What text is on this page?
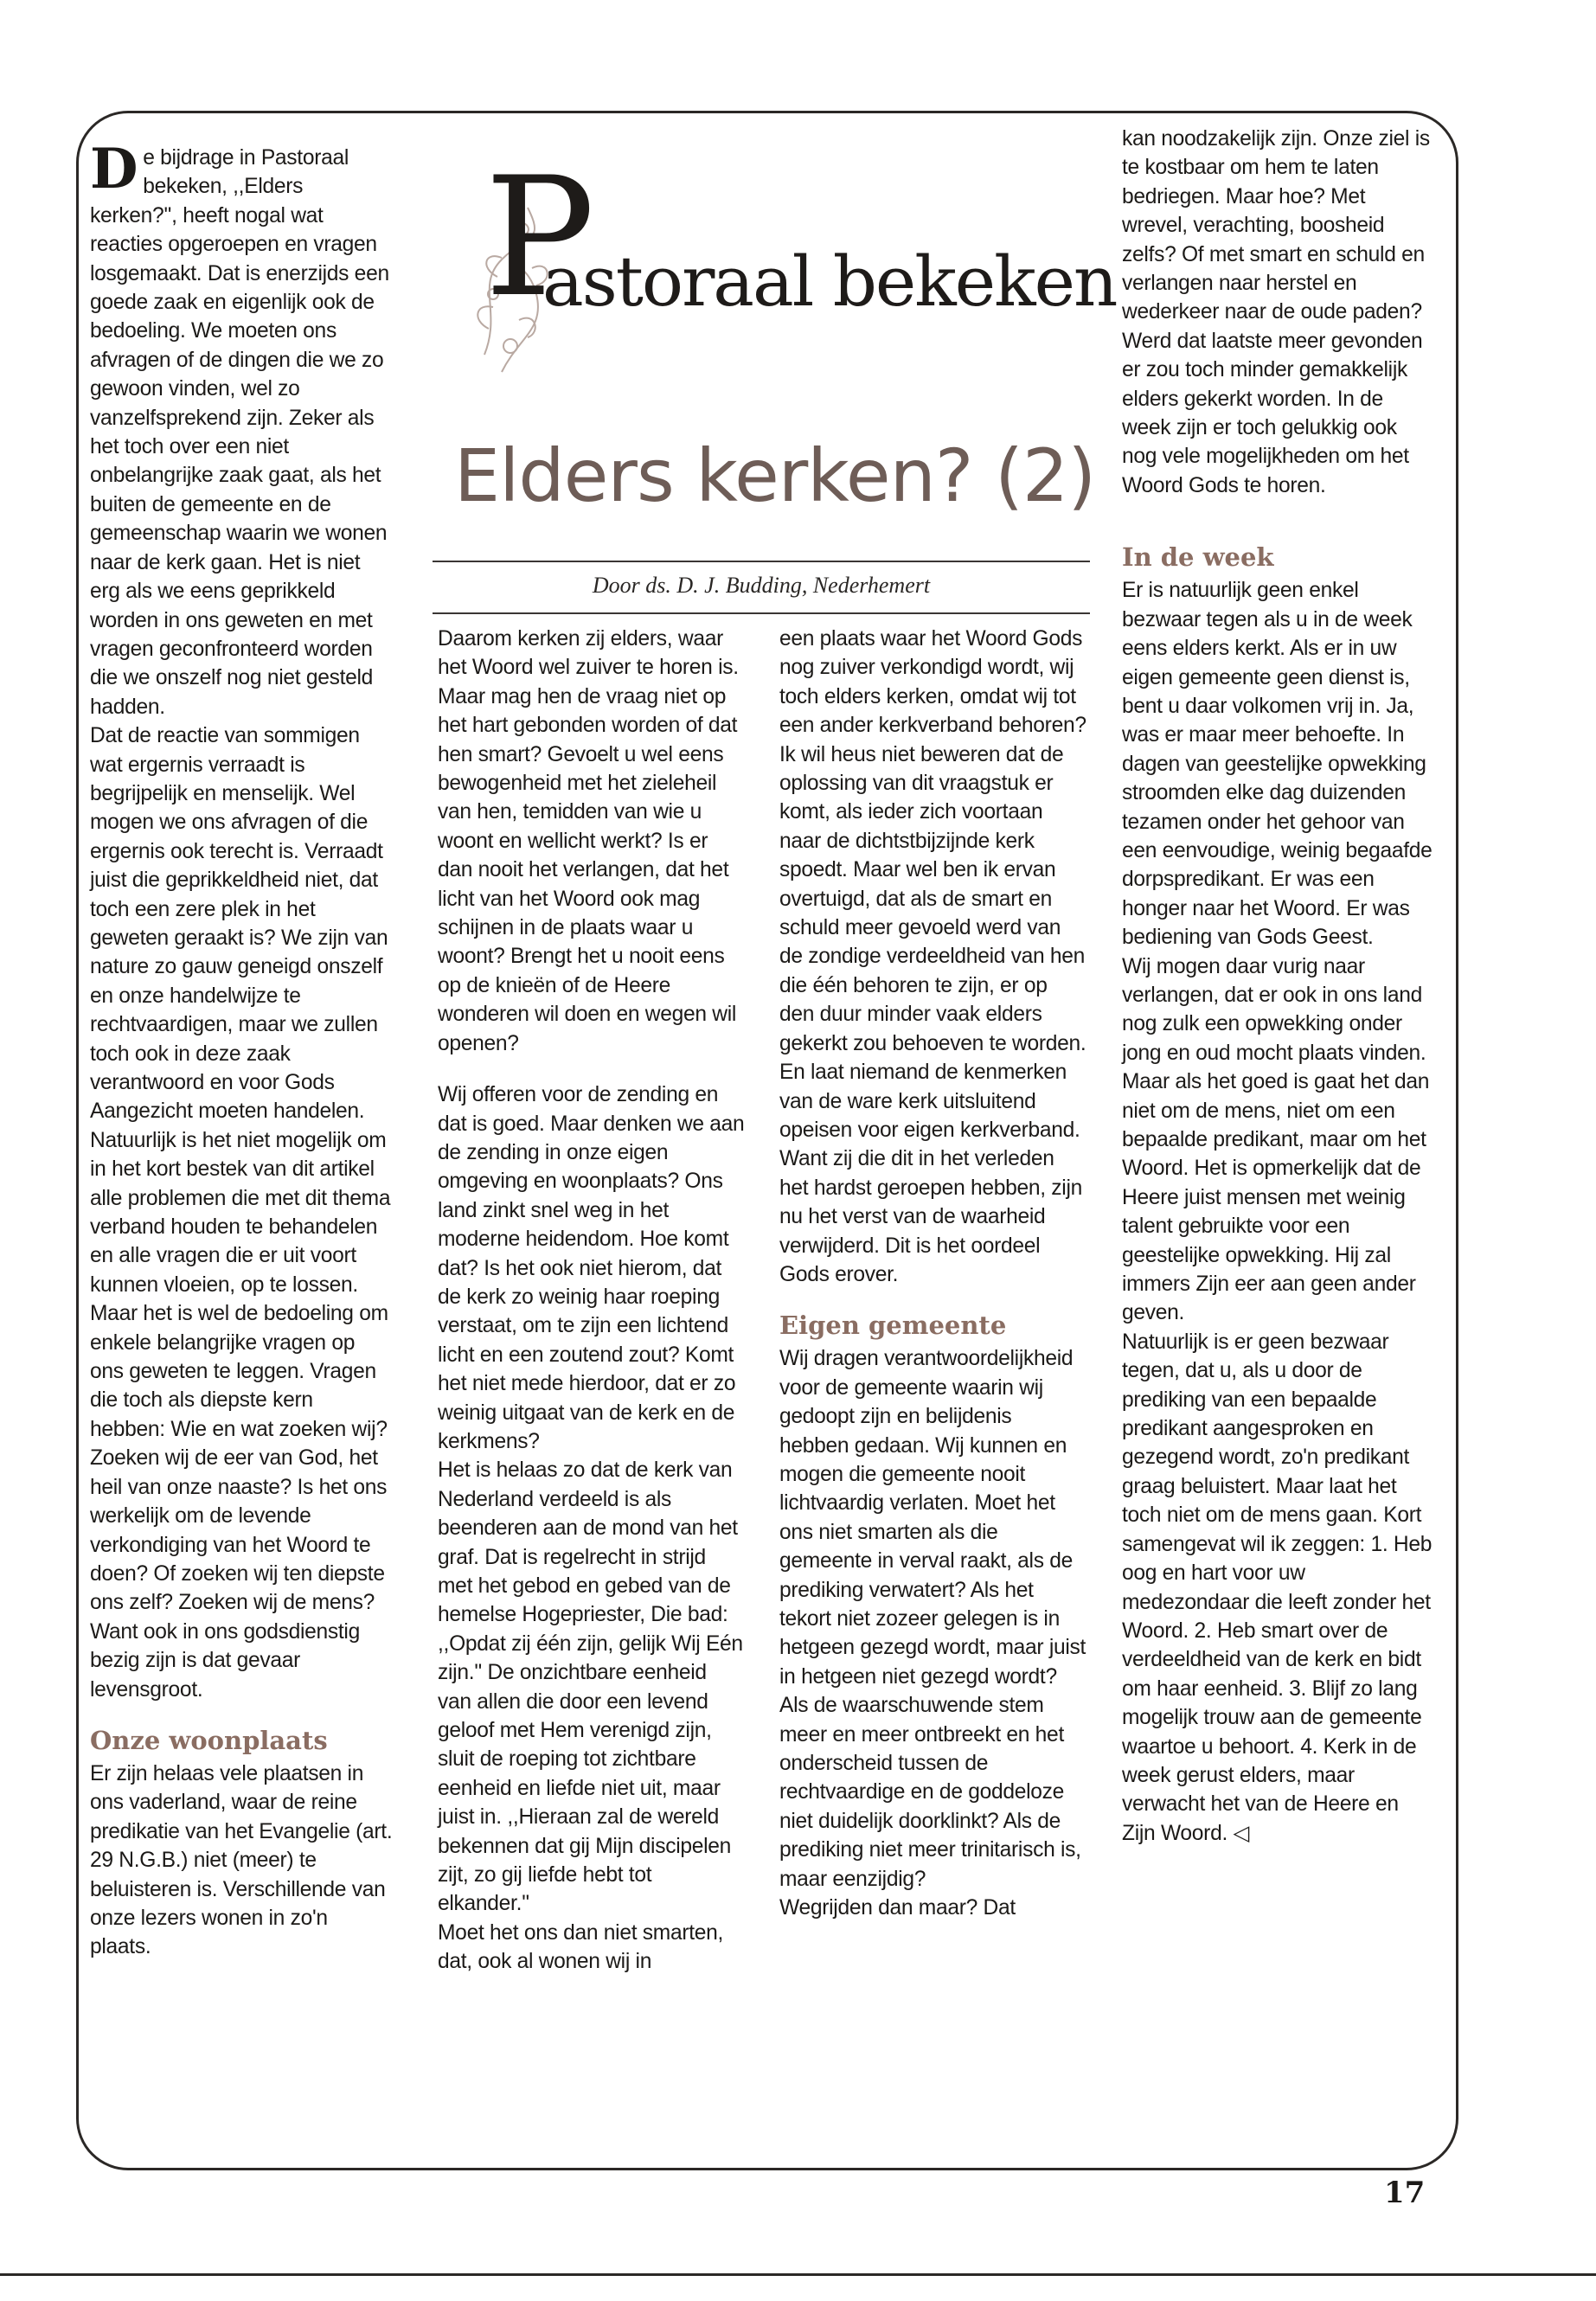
P
astoraal bekeken
Elders kerken? (2)
Door ds. D. J. Budding, Nederhemert

De bijdrage in Pastoraal bekeken, ,,Elders kerken?'', heeft nogal wat reacties opgeroepen en vragen losgemaakt. Dat is enerzijds een goede zaak en eigenlijk ook de bedoeling. We moeten ons afvragen of de dingen die we zo gewoon vinden, wel zo vanzelfsprekend zijn. Zeker als het toch over een niet onbelangrijke zaak gaat, als het buiten de gemeente en de gemeenschap waarin we wonen naar de kerk gaan. Het is niet erg als we eens geprikkeld worden in ons geweten en met vragen geconfronteerd worden die we onszelf nog niet gesteld hadden.

Dat de reactie van sommigen wat ergernis verraadt is begrijpelijk en menselijk. Wel mogen we ons afvragen of die ergernis ook terecht is. Verraadt juist die geprikkeldheid niet, dat toch een zere plek in het geweten geraakt is? We zijn van nature zo gauw geneigd onszelf en onze handelwijze te rechtvaardigen, maar we zullen toch ook in deze zaak verantwoord en voor Gods Aangezicht moeten handelen.

Natuurlijk is het niet mogelijk om in het kort bestek van dit artikel alle problemen die met dit thema verband houden te behandelen en alle vragen die er uit voort kunnen vloeien, op te lossen. Maar het is wel de bedoeling om enkele belangrijke vragen op ons geweten te leggen. Vragen die toch als diepste kern hebben: Wie en wat zoeken wij? Zoeken wij de eer van God, het heil van onze naaste? Is het ons werkelijk om de levende verkondiging van het Woord te doen? Of zoeken wij ten diepste ons zelf? Zoeken wij de mens? Want ook in ons godsdienstig bezig zijn is dat gevaar levensgroot.

Onze woonplaats

Er zijn helaas vele plaatsen in ons vaderland, waar de reine predikatie van het Evangelie (art. 29 N.G.B.) niet (meer) te beluisteren is. Verschillende van onze lezers wonen in zo'n plaats.

Daarom kerken zij elders, waar het Woord wel zuiver te horen is. Maar mag hen de vraag niet op het hart gebonden worden of dat hen smart? Gevoelt u wel eens bewogenheid met het zieleheil van hen, temidden van wie u woont en wellicht werkt? Is er dan nooit het verlangen, dat het licht van het Woord ook mag schijnen in de plaats waar u woont? Brengt het u nooit eens op de knieën of de Heere wonderen wil doen en wegen wil openen?

Wij offeren voor de zending en dat is goed. Maar denken we aan de zending in onze eigen omgeving en woonplaats? Ons land zinkt snel weg in het moderne heidendom. Hoe komt dat? Is het ook niet hierom, dat de kerk zo weinig haar roeping verstaat, om te zijn een lichtend licht en een zoutend zout? Komt het niet mede hierdoor, dat er zo weinig uitgaat van de kerk en de kerkmens?

Het is helaas zo dat de kerk van Nederland verdeeld is als beenderen aan de mond van het graf. Dat is regelrecht in strijd met het gebod en gebed van de hemelse Hogepriester, Die bad: ,,Opdat zij één zijn, gelijk Wij Eén zijn.'' De onzichtbare eenheid van allen die door een levend geloof met Hem verenigd zijn, sluit de roeping tot zichtbare eenheid en liefde niet uit, maar juist in. ,,Hieraan zal de wereld bekennen dat gij Mijn discipelen zijt, zo gij liefde hebt tot elkander.''

Moet het ons dan niet smarten, dat, ook al wonen wij in

een plaats waar het Woord Gods nog zuiver verkondigd wordt, wij toch elders kerken, omdat wij tot een ander kerkverband behoren? Ik wil heus niet beweren dat de oplossing van dit vraagstuk er komt, als ieder zich voortaan naar de dichtstbijzijnde kerk spoedt. Maar wel ben ik ervan overtuigd, dat als de smart en schuld meer gevoeld werd van de zondige verdeeldheid van hen die één behoren te zijn, er op den duur minder vaak elders gekerkt zou behoeven te worden. En laat niemand de kenmerken van de ware kerk uitsluitend opeisen voor eigen kerkverband. Want zij die dit in het verleden het hardst geroepen hebben, zijn nu het verst van de waarheid verwijderd. Dit is het oordeel Gods erover.

Eigen gemeente

Wij dragen verantwoordelijkheid voor de gemeente waarin wij gedoopt zijn en belijdenis hebben gedaan. Wij kunnen en mogen die gemeente nooit lichtvaardig verlaten. Moet het ons niet smarten als die gemeente in verval raakt, als de prediking verwatert? Als het tekort niet zozeer gelegen is in hetgeen gezegd wordt, maar juist in hetgeen niet gezegd wordt? Als de waarschuwende stem meer en meer ontbreekt en het onderscheid tussen de rechtvaardige en de goddeloze niet duidelijk doorklinkt? Als de prediking niet meer trinitarisch is, maar eenzijdig?

Wegrijden dan maar? Dat

kan noodzakelijk zijn. Onze ziel is te kostbaar om hem te laten bedriegen. Maar hoe? Met wrevel, verachting, boosheid zelfs? Of met smart en schuld en verlangen naar herstel en wederkeer naar de oude paden? Werd dat laatste meer gevonden er zou toch minder gemakkelijk elders gekerkt worden. In de week zijn er toch gelukkig ook nog vele mogelijkheden om het Woord Gods te horen.

In de week

Er is natuurlijk geen enkel bezwaar tegen als u in de week eens elders kerkt. Als er in uw eigen gemeente geen dienst is, bent u daar volkomen vrij in. Ja, was er maar meer behoefte. In dagen van geestelijke opwekking stroomden elke dag duizenden tezamen onder het gehoor van een eenvoudige, weinig begaafde dorpspredikant. Er was een honger naar het Woord. Er was bediening van Gods Geest.

Wij mogen daar vurig naar verlangen, dat er ook in ons land nog zulk een opwekking onder jong en oud mocht plaats vinden. Maar als het goed is gaat het dan niet om de mens, niet om een bepaalde predikant, maar om het Woord. Het is opmerkelijk dat de Heere juist mensen met weinig talent gebruikte voor een geestelijke opwekking. Hij zal immers Zijn eer aan geen ander geven.

Natuurlijk is er geen bezwaar tegen, dat u, als u door de prediking van een bepaalde predikant aangesproken en gezegend wordt, zo'n predikant graag beluistert. Maar laat het toch niet om de mens gaan. Kort samengevat wil ik zeggen: 1. Heb oog en hart voor uw medezondaar die leeft zonder het Woord. 2. Heb smart over de verdeeldheid van de kerk en bidt om haar eenheid. 3. Blijf zo lang mogelijk trouw aan de gemeente waartoe u behoort. 4. Kerk in de week gerust elders, maar verwacht het van de Heere en Zijn Woord. ◁

17
